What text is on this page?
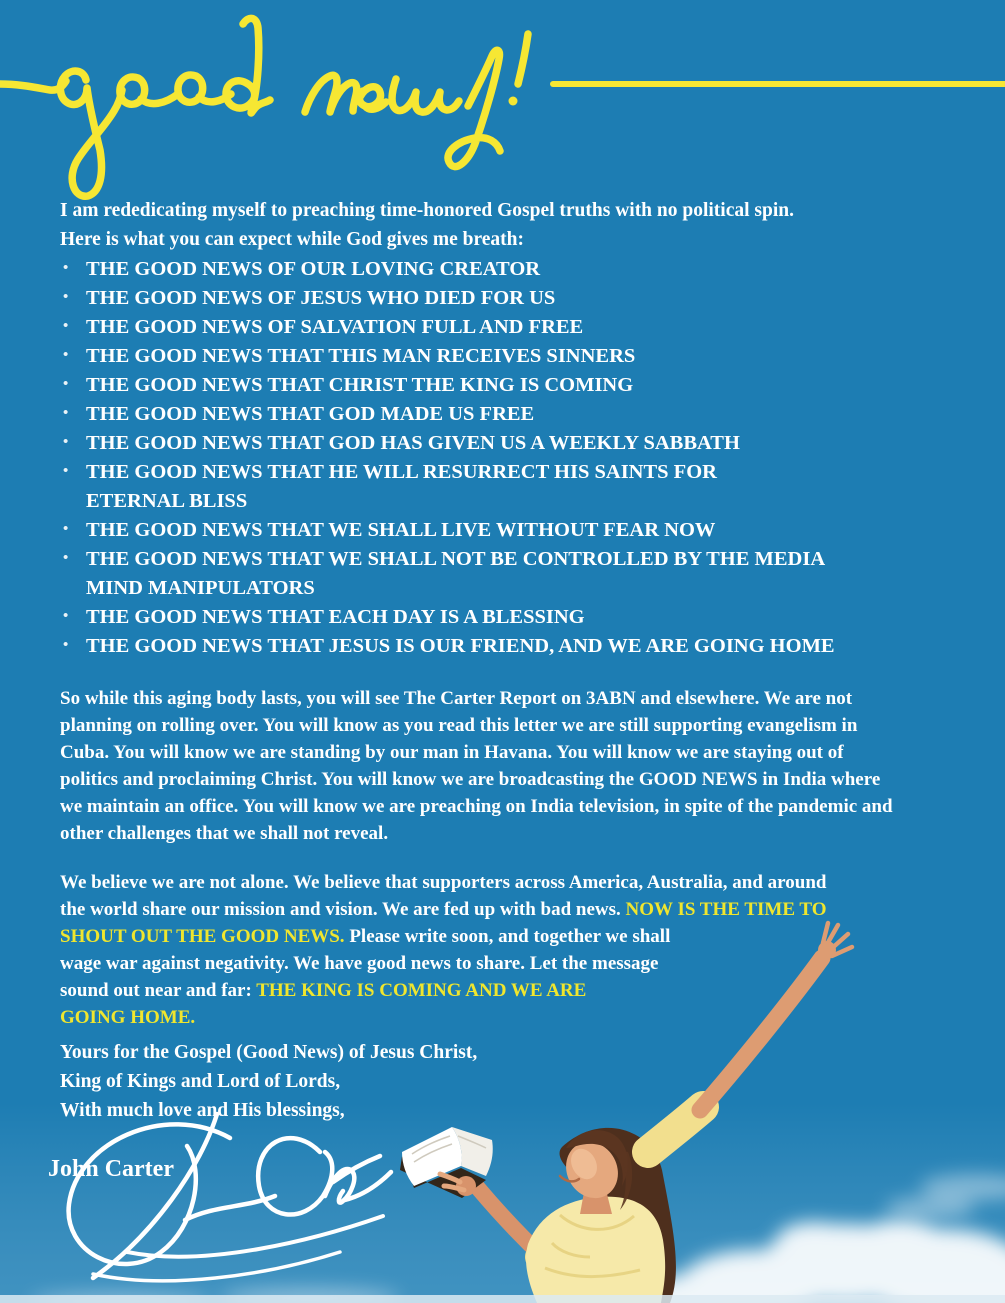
I am rededicating myself to preaching time-honored Gospel truths with no political spin.
Here is what you can expect while God gives me breath:
• THE GOOD NEWS OF OUR LOVING CREATOR
• THE GOOD NEWS OF JESUS WHO DIED FOR US
• THE GOOD NEWS OF SALVATION FULL AND FREE
• THE GOOD NEWS THAT THIS MAN RECEIVES SINNERS
• THE GOOD NEWS THAT CHRIST THE KING IS COMING
• THE GOOD NEWS THAT GOD MADE US FREE
• THE GOOD NEWS THAT GOD HAS GIVEN US A WEEKLY SABBATH
• THE GOOD NEWS THAT HE WILL RESURRECT HIS SAINTS FOR
ETERNAL BLISS
• THE GOOD NEWS THAT WE SHALL LIVE WITHOUT FEAR NOW
• THE GOOD NEWS THAT WE SHALL NOT BE CONTROLLED BY THE MEDIA
MIND MANIPULATORS
• THE GOOD NEWS THAT EACH DAY IS A BLESSING
• THE GOOD NEWS THAT JESUS IS OUR FRIEND, AND WE ARE GOING HOME
So while this aging body lasts, you will see The Carter Report on 3ABN and elsewhere. We are not
planning on rolling over. You will know as you read this letter we are still supporting evangelism in
Cuba. You will know we are standing by our man in Havana. You will know we are staying out of
politics and proclaiming Christ. You will know we are broadcasting the GOOD NEWS in India where
we maintain an office. You will know we are preaching on India television, in spite of the pandemic and
other challenges that we shall not reveal.
We believe we are not alone. We believe that supporters across America, Australia, and around
the world share our mission and vision. We are fed up with bad news. NOW IS THE TIME TO
SHOUT OUT THE GOOD NEWS. Please write soon, and together we shall
wage war against negativity. We have good news to share. Let the message
sound out near and far: THE KING IS COMING AND WE ARE
GOING HOME.
Yours for the Gospel (Good News) of Jesus Christ,
King of Kings and Lord of Lords,
With much love and His blessings,
John Carter
